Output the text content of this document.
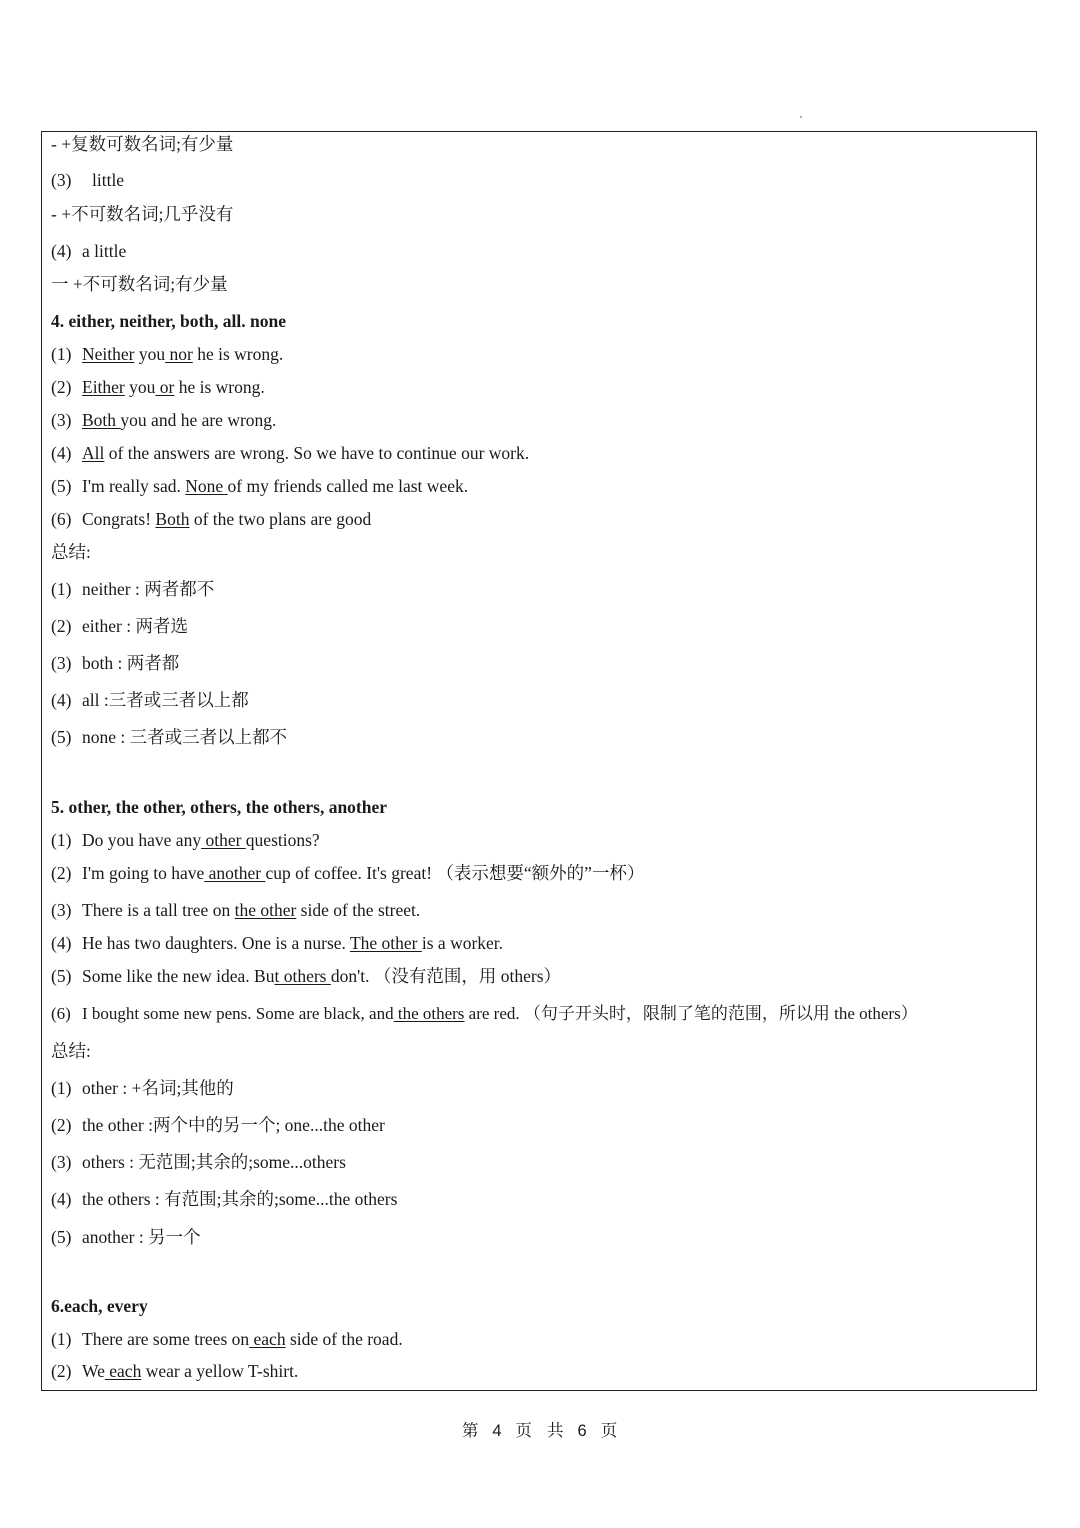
- +复数可数名词;有少量
(3) little
- +不可数名词;几乎没有
(4) a little
一 +不可数名词;有少量
4. either, neither, both, all. none
(1) Neither you nor he is wrong.
(2) Either you or he is wrong.
(3) Both you and he are wrong.
(4) All of the answers are wrong. So we have to continue our work.
(5) I'm really sad. None of my friends called me last week.
(6) Congrats! Both of the two plans are good
总结:
(1) neither : 两者都不
(2) either : 两者选
(3) both : 两者都
(4) all :三者或三者以上都
(5) none : 三者或三者以上都不
5. other, the other, others, the others, another
(1) Do you have any other questions?
(2) I'm going to have another cup of coffee. It's great! （表示想要“额外的”一杯）
(3) There is a tall tree on the other side of the street.
(4) He has two daughters. One is a nurse. The other is a worker.
(5) Some like the new idea. But others don't. （没有范围，用 others）
(6) I bought some new pens. Some are black, and the others are red. （句子开头时，限制了笔的范围，所以用 the others）
总结:
(1) other : +名词;其他的
(2) the other :两个中的另一个; one...the other
(3) others : 无范围;其余的;some...others
(4) the others : 有范围;其余的;some...the others
(5) another : 另一个
6.each, every
(1) There are some trees on each side of the road.
(2) We each wear a yellow T-shirt.
第 4 页 共 6 页
